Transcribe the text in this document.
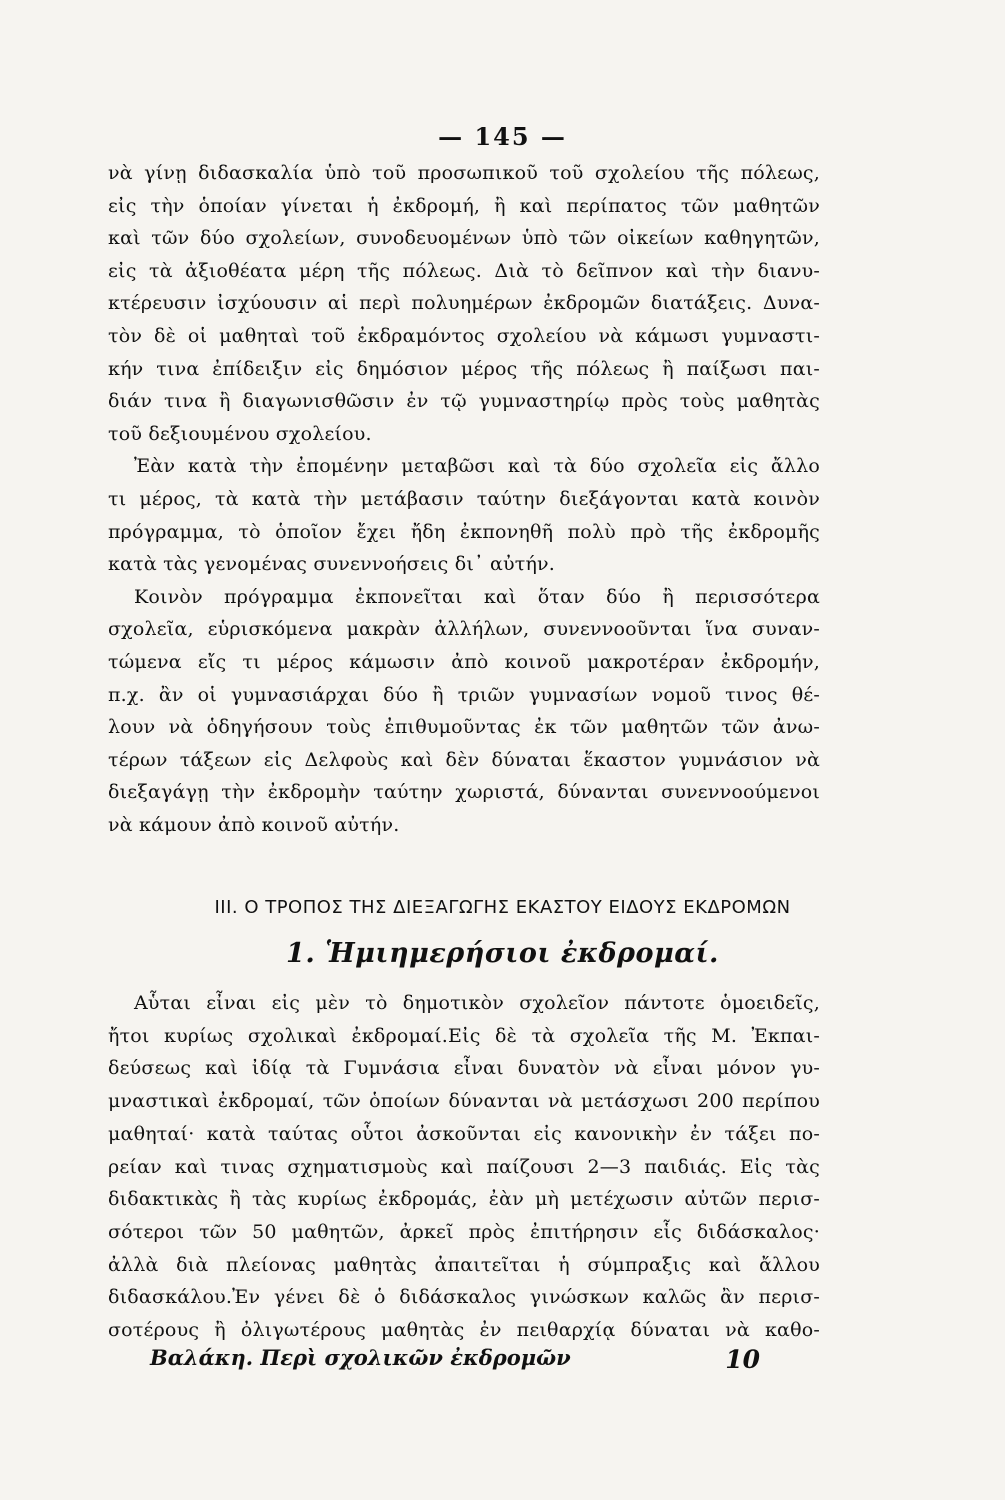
— 145 —
νὰ γίνῃ διδασκαλία ὑπὸ τοῦ προσωπικοῦ τοῦ σχολείου τῆς πόλεως,
εἰς τὴν ὁποίαν γίνεται ἡ ἐκδρομή, ἢ καὶ περίπατος τῶν μαθητῶν
καὶ τῶν δύο σχολείων, συνοδευομένων ὑπὸ τῶν οἰκείων καθηγητῶν,
εἰς τὰ ἀξιοθέατα μέρη τῆς πόλεως. Διὰ τὸ δεῖπνον καὶ τὴν διανυ-
κτέρευσιν ἰσχύουσιν αἱ περὶ πολυημέρων ἐκδρομῶν διατάξεις. Δυνα-
τὸν δὲ οἱ μαθηταὶ τοῦ ἐκδραμόντος σχολείου νὰ κάμωσι γυμναστι-
κήν τινα ἐπίδειξιν εἰς δημόσιον μέρος τῆς πόλεως ἢ παίξωσι παι-
διάν τινα ἢ διαγωνισθῶσιν ἐν τῷ γυμναστηρίῳ πρὸς τοὺς μαθητὰς
τοῦ δεξιουμένου σχολείου.
Ἐὰν κατὰ τὴν ἐπομένην μεταβῶσι καὶ τὰ δύο σχολεῖα εἰς ἄλλο
τι μέρος, τὰ κατὰ τὴν μετάβασιν ταύτην διεξάγονται κατὰ κοινὸν
πρόγραμμα, τὸ ὁποῖον ἔχει ἤδη ἐκπονηθῆ πολὺ πρὸ τῆς ἐκδρομῆς
κατὰ τὰς γενομένας συνεννοήσεις δι᾽ αὐτήν.
Κοινὸν πρόγραμμα ἐκπονεῖται καὶ ὅταν δύο ἢ περισσότερα
σχολεῖα, εὑρισκόμενα μακρὰν ἀλλήλων, συνεννοοῦνται ἵνα συναν-
τώμενα εἴς τι μέρος κάμωσιν ἀπὸ κοινοῦ μακροτέραν ἐκδρομήν,
π.χ. ἂν οἱ γυμνασιάρχαι δύο ἢ τριῶν γυμνασίων νομοῦ τινος θέ-
λουν νὰ ὁδηγήσουν τοὺς ἐπιθυμοῦντας ἐκ τῶν μαθητῶν τῶν ἀνω-
τέρων τάξεων εἰς Δελφοὺς καὶ δὲν δύναται ἕκαστον γυμνάσιον νὰ
διεξαγάγῃ τὴν ἐκδρομὴν ταύτην χωριστά, δύνανται συνεννοούμενοι
νὰ κάμουν ἀπὸ κοινοῦ αὐτήν.
III. Ο ΤΡΟΠΟΣ ΤΗΣ ΔΙΕΞΑΓΩΓΗΣ ΕΚΑΣΤΟΥ ΕΙΔΟΥΣ ΕΚΔΡΟΜΩΝ
1. Ἡμιημερήσιοι ἐκδρομαί.
Αὗται εἶναι εἰς μὲν τὸ δημοτικὸν σχολεῖον πάντοτε ὁμοειδεῖς,
ἤτοι κυρίως σχολικαὶ ἐκδρομαί.Εἰς δὲ τὰ σχολεῖα τῆς Μ. Ἐκπαι-
δεύσεως καὶ ἰδίᾳ τὰ Γυμνάσια εἶναι δυνατὸν νὰ εἶναι μόνον γυ-
μναστικαὶ ἐκδρομαί, τῶν ὁποίων δύνανται νὰ μετάσχωσι 200 περίπου
μαθηταί· κατὰ ταύτας οὗτοι ἀσκοῦνται εἰς κανονικὴν ἐν τάξει πο-
ρείαν καὶ τινας σχηματισμοὺς καὶ παίζουσι 2—3 παιδιάς. Εἰς τὰς
διδακτικὰς ἢ τὰς κυρίως ἐκδρομάς, ἐὰν μὴ μετέχωσιν αὐτῶν περισ-
σότεροι τῶν 50 μαθητῶν, ἀρκεῖ πρὸς ἐπιτήρησιν εἷς διδάσκαλος·
ἀλλὰ διὰ πλείονας μαθητὰς ἀπαιτεῖται ἡ σύμπραξις καὶ ἄλλου
διδασκάλου.Ἐν γένει δὲ ὁ διδάσκαλος γινώσκων καλῶς ἂν περισ-
σοτέρους ἢ ὀλιγωτέρους μαθητὰς ἐν πειθαρχίᾳ δύναται νὰ καθο-
Βαλάκη. Περὶ σχολικῶν ἐκδρομῶν	10
